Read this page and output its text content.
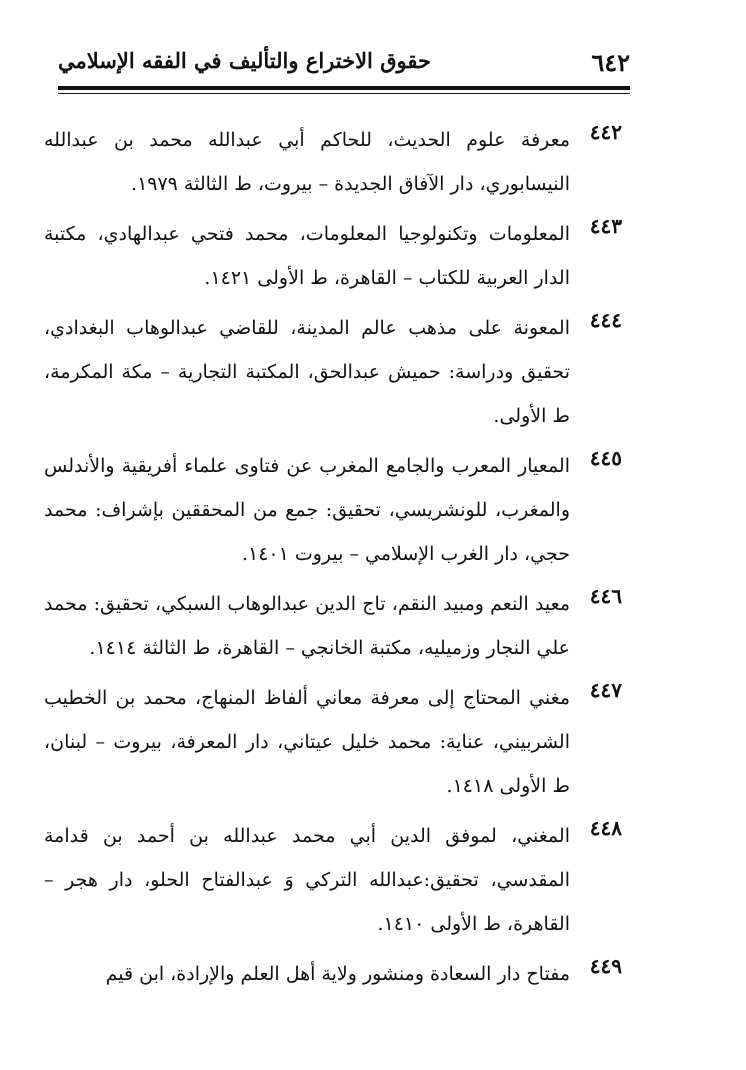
٦٤٢
حقوق الاختراع والتأليف في الفقه الإسلامي
٤٤٢
معرفة علوم الحديث، للحاكم أبي عبدالله محمد بن عبدالله النيسابوري، دار الآفاق الجديدة – بيروت، ط الثالثة ١٩٧٩.
٤٤٣
المعلومات وتكنولوجيا المعلومات، محمد فتحي عبدالهادي، مكتبة الدار العربية للكتاب – القاهرة، ط الأولى ١٤٢١.
٤٤٤
المعونة على مذهب عالم المدينة، للقاضي عبدالوهاب البغدادي، تحقيق ودراسة: حميش عبدالحق، المكتبة التجارية – مكة المكرمة، ط الأولى.
٤٤٥
المعيار المعرب والجامع المغرب عن فتاوى علماء أفريقية والأندلس والمغرب، للونشريسي، تحقيق: جمع من المحققين بإشراف: محمد حجي، دار الغرب الإسلامي – بيروت ١٤٠١.
٤٤٦
معيد النعم ومبيد النقم، تاج الدين عبدالوهاب السبكي، تحقيق: محمد علي النجار وزميليه، مكتبة الخانجي – القاهرة، ط الثالثة ١٤١٤.
٤٤٧
مغني المحتاج إلى معرفة معاني ألفاظ المنهاج، محمد بن الخطيب الشربيني، عناية: محمد خليل عيتاني، دار المعرفة، بيروت – لبنان، ط الأولى ١٤١٨.
٤٤٨
المغني، لموفق الدين أبي محمد عبدالله بن أحمد بن قدامة المقدسي، تحقيق:عبدالله التركي وَ عبدالفتاح الحلو، دار هجر – القاهرة، ط الأولى ١٤١٠.
٤٤٩
مفتاح دار السعادة ومنشور ولاية أهل العلم والإرادة، ابن قيم
